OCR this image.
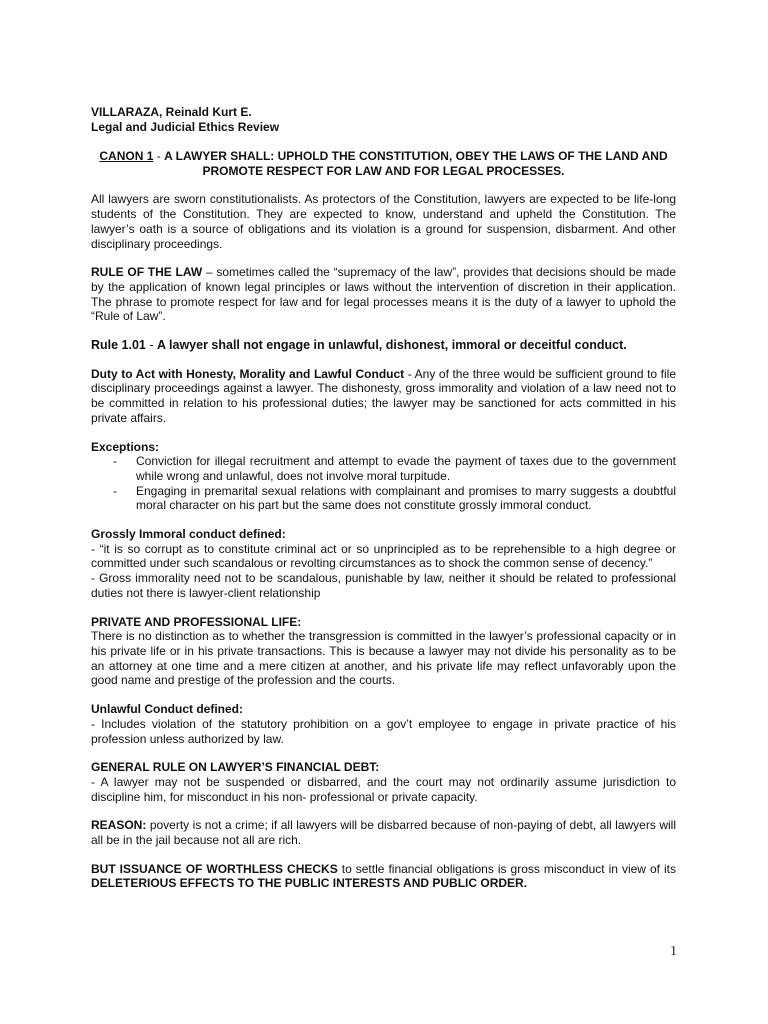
VILLARAZA, Reinald Kurt E.
Legal and Judicial Ethics Review
CANON 1 - A LAWYER SHALL: UPHOLD THE CONSTITUTION, OBEY THE LAWS OF THE LAND AND PROMOTE RESPECT FOR LAW AND FOR LEGAL PROCESSES.

All lawyers are sworn constitutionalists. As protectors of the Constitution, lawyers are expected to be life-long students of the Constitution. They are expected to know, understand and upheld the Constitution. The lawyer’s oath is a source of obligations and its violation is a ground for suspension, disbarment. And other disciplinary proceedings.

RULE OF THE LAW – sometimes called the “supremacy of the law”, provides that decisions should be made by the application of known legal principles or laws without the intervention of discretion in their application. The phrase to promote respect for law and for legal processes means it is the duty of a lawyer to uphold the “Rule of Law”.

Rule 1.01 - A lawyer shall not engage in unlawful, dishonest, immoral or deceitful conduct.

Duty to Act with Honesty, Morality and Lawful Conduct - Any of the three would be sufficient ground to file disciplinary proceedings against a lawyer. The dishonesty, gross immorality and violation of a law need not to be committed in relation to his professional duties; the lawyer may be sanctioned for acts committed in his private affairs.

Exceptions:
- Conviction for illegal recruitment and attempt to evade the payment of taxes due to the government while wrong and unlawful, does not involve moral turpitude.
- Engaging in premarital sexual relations with complainant and promises to marry suggests a doubtful moral character on his part but the same does not constitute grossly immoral conduct.
Grossly Immoral conduct defined:
- “it is so corrupt as to constitute criminal act or so unprincipled as to be reprehensible to a high degree or committed under such scandalous or revolting circumstances as to shock the common sense of decency.”
- Gross immorality need not to be scandalous, punishable by law, neither it should be related to professional duties not there is lawyer-client relationship
PRIVATE AND PROFESSIONAL LIFE:
There is no distinction as to whether the transgression is committed in the lawyer’s professional capacity or in his private life or in his private transactions. This is because a lawyer may not divide his personality as to be an attorney at one time and a mere citizen at another, and his private life may reflect unfavorably upon the good name and prestige of the profession and the courts.
Unlawful Conduct defined:
- Includes violation of the statutory prohibition on a gov’t employee to engage in private practice of his profession unless authorized by law.
GENERAL RULE ON LAWYER’S FINANCIAL DEBT:
- A lawyer may not be suspended or disbarred, and the court may not ordinarily assume jurisdiction to discipline him, for misconduct in his non- professional or private capacity.

REASON: poverty is not a crime; if all lawyers will be disbarred because of non-paying of debt, all lawyers will all be in the jail because not all are rich.

BUT ISSUANCE OF WORTHLESS CHECKS to settle financial obligations is gross misconduct in view of its DELETERIOUS EFFECTS TO THE PUBLIC INTERESTS AND PUBLIC ORDER.

1
